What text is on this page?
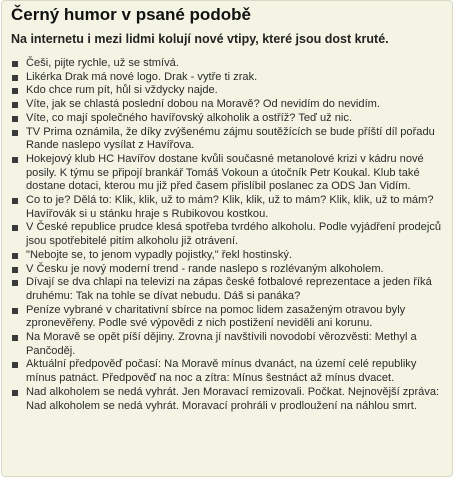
Černý humor v psané podobě
Na internetu i mezi lidmi kolují nové vtipy, které jsou dost kruté.
Češi, pijte rychle, už se stmívá.
Likérka Drak má nové logo. Drak - vytře ti zrak.
Kdo chce rum pít, hůl si vždycky najde.
Víte, jak se chlastá poslední dobou na Moravě? Od nevidím do nevidím.
Víte, co mají společného havířovský alkoholik a ostříž? Teď už nic.
TV Prima oznámila, že díky zvýšenému zájmu soutěžících se bude příští díl pořadu Rande naslepo vysílat z Havířova.
Hokejový klub HC Havířov dostane kvůli současné metanolové krizi v kádru nové posily. K týmu se připojí brankář Tomáš Vokoun a útočník Petr Koukal. Klub také dostane dotaci, kterou mu již před časem přislíbil poslanec za ODS Jan Vidím.
Co to je? Dělá to: Klik, klik, už to mám? Klik, klik, už to mám? Klik, klik, už to mám? Havířovák si u stánku hraje s Rubikovou kostkou.
V České republice prudce klesá spotřeba tvrdého alkoholu. Podle vyjádření prodejců jsou spotřebitelé pitím alkoholu již otrávení.
"Nebojte se, to jenom vypadly pojistky," řekl hostinský.
V Česku je nový moderní trend - rande naslepo s rozlévaným alkoholem.
Dívají se dva chlapi na televizi na zápas české fotbalové reprezentace a jeden říká druhému: Tak na tohle se dívat nebudu. Dáš si panáka?
Peníze vybrané v charitativní sbírce na pomoc lidem zasaženým otravou byly zpronevěřeny. Podle své výpovědi z nich postižení neviděli ani korunu.
Na Moravě se opět píší dějiny. Zrovna jí navštívili novodobí věrozvěsti: Methyl a Pančoděj.
Aktuální předpověď počasí: Na Moravě mínus dvanáct, na území celé republiky mínus patnáct. Předpověď na noc a zítra: Mínus šestnáct až mínus dvacet.
Nad alkoholem se nedá vyhrát. Jen Moravací remizovali. Počkat. Nejnovější zpráva: Nad alkoholem se nedá vyhrát. Moravací prohráli v prodloužení na náhlou smrt.
